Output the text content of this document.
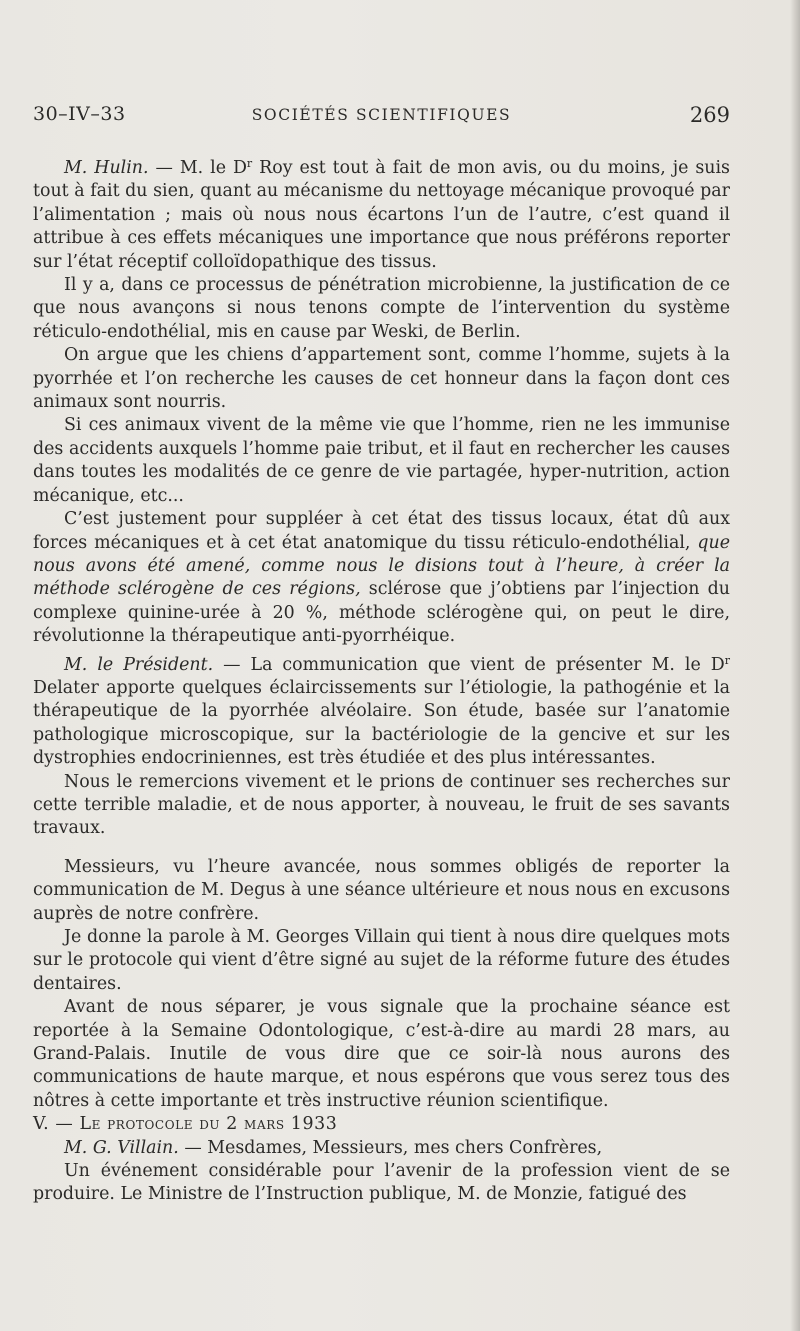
30–IV–33	SOCIÉTÉS SCIENTIFIQUES	269

M. Hulin. — M. le $D^r$ Roy est tout à fait de mon avis, ou du moins, je suis tout à fait du sien, quant au mécanisme du nettoyage mécanique provoqué par l’alimentation ; mais où nous nous écartons l’un de l’autre, c’est quand il attribue à ces effets mécaniques une importance que nous préférons reporter sur l’état réceptif colloïdopathique des tissus.

Il y a, dans ce processus de pénétration microbienne, la justification de ce que nous avançons si nous tenons compte de l’intervention du système réticulo-endothélial, mis en cause par Weski, de Berlin.

On argue que les chiens d’appartement sont, comme l’homme, sujets à la pyorrhée et l’on recherche les causes de cet honneur dans la façon dont ces animaux sont nourris.

Si ces animaux vivent de la même vie que l’homme, rien ne les immunise des accidents auxquels l’homme paie tribut, et il faut en rechercher les causes dans toutes les modalités de ce genre de vie partagée, hyper-nutrition, action mécanique, etc...

C’est justement pour suppléer à cet état des tissus locaux, état dû aux forces mécaniques et à cet état anatomique du tissu réticulo-endothélial, que nous avons été amené, comme nous le disions tout à l’heure, à créer la méthode sclérogène de ces régions, sclérose que j’obtiens par l’injection du complexe quinine-urée à 20 %, méthode sclérogène qui, on peut le dire, révolutionne la thérapeutique anti-pyorrhéique.

M. le Président. — La communication que vient de présenter M. le $D^r$ Delater apporte quelques éclaircissements sur l’étiologie, la pathogénie et la thérapeutique de la pyorrhée alvéolaire. Son étude, basée sur l’anatomie pathologique microscopique, sur la bactériologie de la gencive et sur les dystrophies endocriniennes, est très étudiée et des plus intéressantes.

Nous le remercions vivement et le prions de continuer ses recherches sur cette terrible maladie, et de nous apporter, à nouveau, le fruit de ses savants travaux.

Messieurs, vu l’heure avancée, nous sommes obligés de reporter la communication de M. Degus à une séance ultérieure et nous nous en excusons auprès de notre confrère.

Je donne la parole à M. Georges Villain qui tient à nous dire quelques mots sur le protocole qui vient d’être signé au sujet de la réforme future des études dentaires.

Avant de nous séparer, je vous signale que la prochaine séance est reportée à la Semaine Odontologique, c’est-à-dire au mardi 28 mars, au Grand-Palais. Inutile de vous dire que ce soir-là nous aurons des communications de haute marque, et nous espérons que vous serez tous des nôtres à cette importante et très instructive réunion scientifique.

V. — Le protocole du 2 mars 1933

M. G. Villain. — Mesdames, Messieurs, mes chers Confrères,

Un événement considérable pour l’avenir de la profession vient de se produire. Le Ministre de l’Instruction publique, M. de Monzie, fatigué des
